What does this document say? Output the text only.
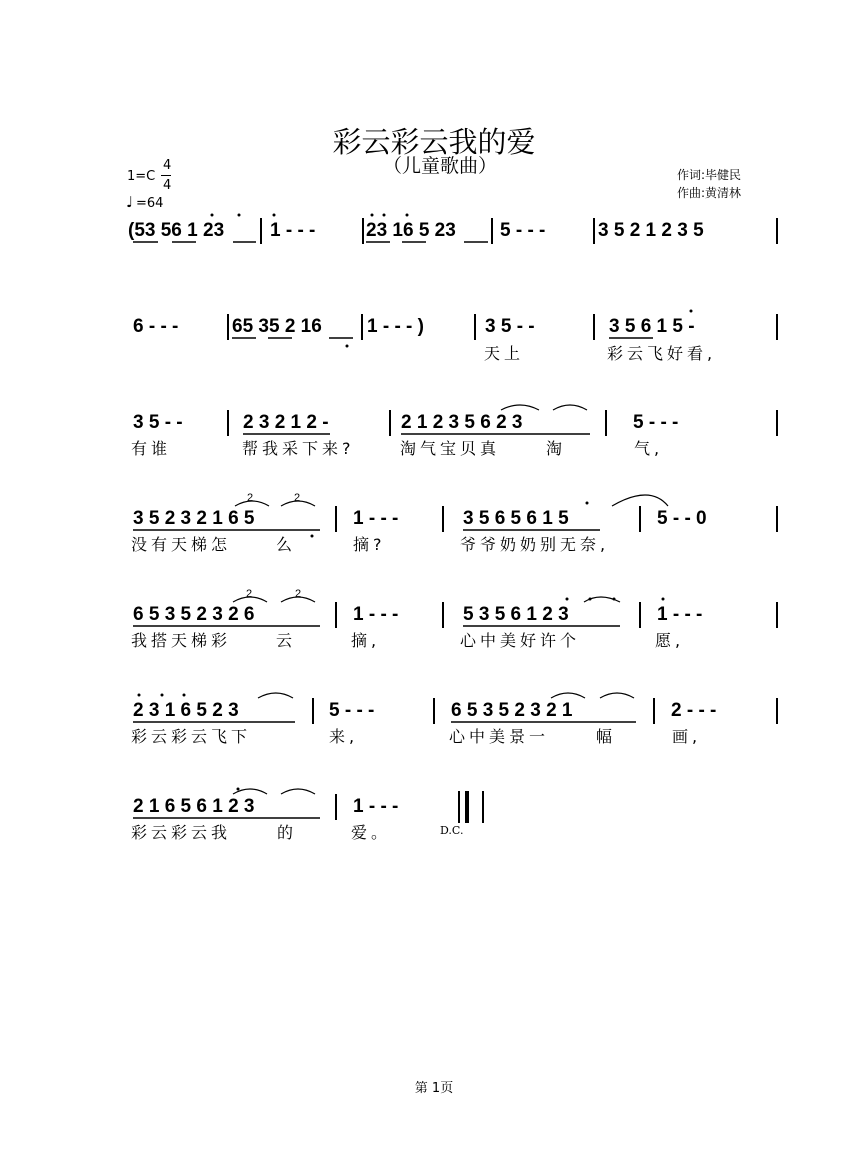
彩云彩云我的爱
（儿童歌曲）
1=C
4
4
♩ =64
作词:毕健民
作曲:黄清林
(53 56 1 23 1 - - -	23 16 5 23 5 - - -	3 5 2 1 2 3 5
6 - - -	65 35 2 16 1 - - - )	3 5 - -	3 5 6 1 5 -
天上	彩云飞好看,
3 5 - -	2 3 2 1 2 -	2 1 2 3 5 6 2 3	5 - - -
有谁	帮我采下来?	淘气宝贝真	淘	气,
3 5 2 3 2 1 6 5	1 - - -	3 5 6 5 6 1 5	5 - - 0
没有天梯怎	么	摘?	爷爷奶奶别无奈,
6 5 3 5 2 3 2 6	1 - - -	5 3 5 6 1 2 3	1 - - -
我搭天梯彩	云	摘,	心中美好许个	愿,
2 3 1 6 5 2 3	5 - - -	6 5 3 5 2 3 2 1	2 - - -
彩云彩云飞下	来,	心中美景一	幅	画,
2 1 6 5 6 1 2 3	1 - - -
彩云彩云我	的	爱。	D.C.
第 1页
2	2
2	2
